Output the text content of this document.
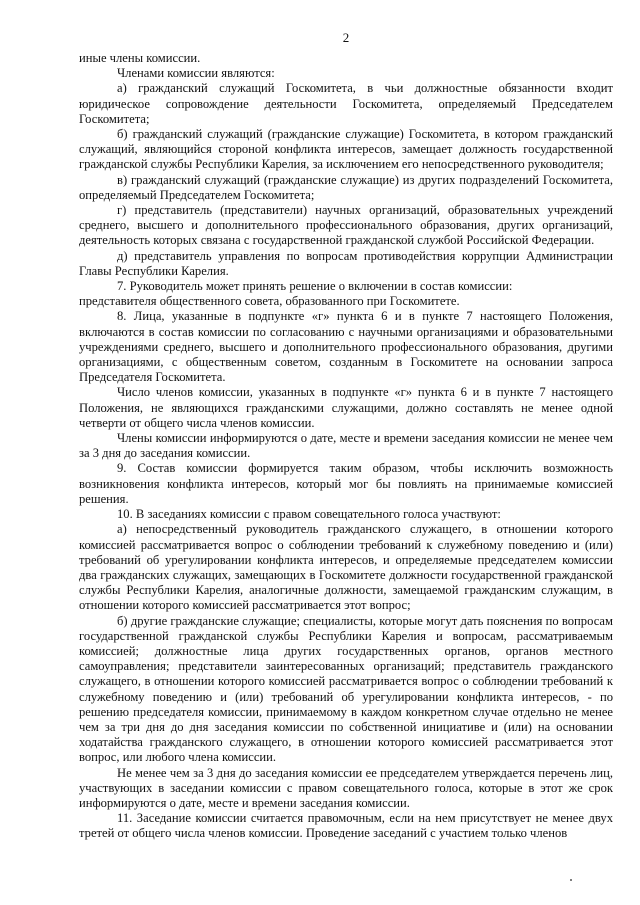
2

иные члены комиссии.

Членами комиссии являются:

а) гражданский служащий Госкомитета, в чьи должностные обязанности входит юридическое сопровождение деятельности Госкомитета, определяемый Председателем Госкомитета;

б) гражданский служащий (гражданские служащие) Госкомитета, в котором гражданский служащий, являющийся стороной конфликта интересов, замещает должность государственной гражданской службы Республики Карелия, за исключением его непосредственного руководителя;

в) гражданский служащий (гражданские служащие) из других подразделений Госкомитета, определяемый Председателем Госкомитета;

г) представитель (представители) научных организаций, образовательных учреждений среднего, высшего и дополнительного профессионального образования, других организаций, деятельность которых связана с государственной гражданской службой Российской Федерации.

д) представитель управления по вопросам противодействия коррупции Администрации Главы Республики Карелия.

7. Руководитель может принять решение о включении в состав комиссии:

представителя общественного совета, образованного при Госкомитете.

8. Лица, указанные в подпункте «г» пункта 6 и в пункте 7 настоящего Положения, включаются в состав комиссии по согласованию с научными организациями и образовательными учреждениями среднего, высшего и дополнительного профессионального образования, другими организациями, с общественным советом, созданным в Госкомитете на основании запроса Председателя Госкомитета.

Число членов комиссии, указанных в подпункте «г» пункта 6 и в пункте 7 настоящего Положения, не являющихся гражданскими служащими, должно составлять не менее одной четверти от общего числа членов комиссии.

Члены комиссии информируются о дате, месте и времени заседания комиссии не менее чем за 3 дня до заседания комиссии.

9. Состав комиссии формируется таким образом, чтобы исключить возможность возникновения конфликта интересов, который мог бы повлиять на принимаемые комиссией решения.

10. В заседаниях комиссии с правом совещательного голоса участвуют:

а) непосредственный руководитель гражданского служащего, в отношении которого комиссией рассматривается вопрос о соблюдении требований к служебному поведению и (или) требований об урегулировании конфликта интересов, и определяемые председателем комиссии два гражданских служащих, замещающих в Госкомитете должности государственной гражданской службы Республики Карелия, аналогичные должности, замещаемой гражданским служащим, в отношении которого комиссией рассматривается этот вопрос;

б) другие гражданские служащие; специалисты, которые могут дать пояснения по вопросам государственной гражданской службы Республики Карелия и вопросам, рассматриваемым комиссией; должностные лица других государственных органов, органов местного самоуправления; представители заинтересованных организаций; представитель гражданского служащего, в отношении которого комиссией рассматривается вопрос о соблюдении требований к служебному поведению и (или) требований об урегулировании конфликта интересов, - по решению председателя комиссии, принимаемому в каждом конкретном случае отдельно не менее чем за три дня до дня заседания комиссии по собственной инициативе и (или) на основании ходатайства гражданского служащего, в отношении которого комиссией рассматривается этот вопрос, или любого члена комиссии.

Не менее чем за 3 дня до заседания комиссии ее председателем утверждается перечень лиц, участвующих в заседании комиссии с правом совещательного голоса, которые в этот же срок информируются о дате, месте и времени заседания комиссии.

11. Заседание комиссии считается правомочным, если на нем присутствует не менее двух третей от общего числа членов комиссии. Проведение заседаний с участием только членов
